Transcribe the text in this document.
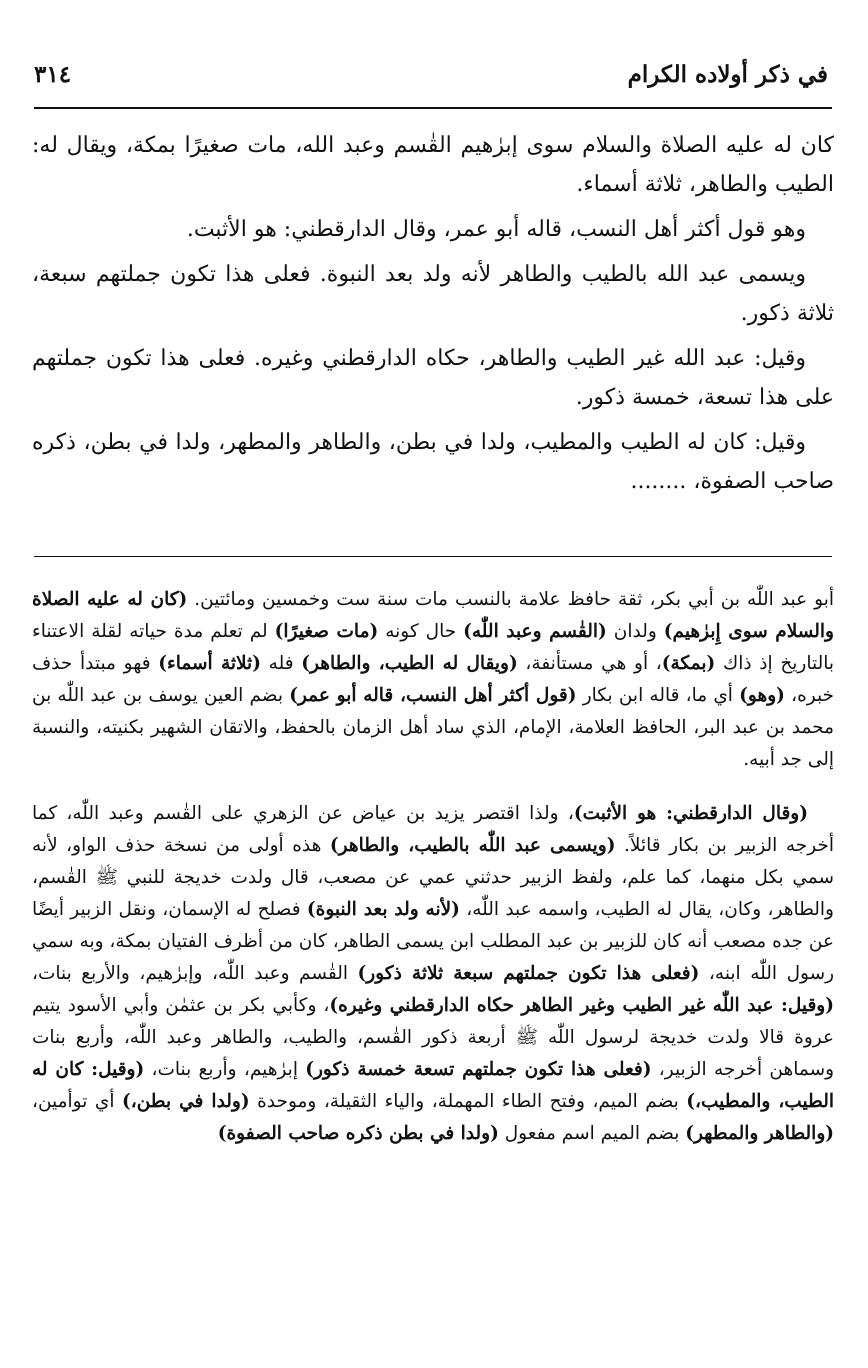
في ذكر أولاده الكرام
٣١٤

كان له عليه الصلاة والسلام سوى إبرٰهيم القٰسم وعبد الله، مات صغيرًا بمكة، ويقال له: الطيب والطاهر، ثلاثة أسماء.

وهو قول أكثر أهل النسب، قاله أبو عمر، وقال الدارقطني: هو الأثبت.

ويسمى عبد الله بالطيب والطاهر لأنه ولد بعد النبوة. فعلى هذا تكون جملتهم سبعة، ثلاثة ذكور.

وقيل: عبد الله غير الطيب والطاهر، حكاه الدارقطني وغيره. فعلى هذا تكون جملتهم على هذا تسعة، خمسة ذكور.

وقيل: كان له الطيب والمطيب، ولدا في بطن، والطاهر والمطهر، ولدا في بطن، ذكره صاحب الصفوة، ........

أبو عبد اللّٰه بن أبي بكر، ثقة حافظ علامة بالنسب مات سنة ست وخمسين ومائتين. (كان له عليه الصلاة والسلام سوى إِبرٰهيم) ولدان (القٰسم وعبد اللّٰه) حال كونه (مات صغيرًا) لم تعلم مدة حياته لقلة الاعتناء بالتاريخ إذ ذاك (بمكة)، أو هي مستأنفة، (ويقال له الطيب، والطاهر) فله (ثلاثة أسماء) فهو مبتدأ حذف خبره، (وهو) أي ما، قاله ابن بكار (قول أكثر أهل النسب، قاله أبو عمر) بضم العين يوسف بن عبد اللّٰه بن محمد بن عبد البر، الحافظ العلامة، الإمام، الذي ساد أهل الزمان بالحفظ، والاتقان الشهير بكنيته، والنسبة إلى جد أبيه.

(وقال الدارقطني: هو الأثبت)، ولذا اقتصر يزيد بن عياض عن الزهري على القٰسم وعبد اللّٰه، كما أخرجه الزبير بن بكار قائلاً. (ويسمى عبد اللّٰه بالطيب، والطاهر) هذه أولى من نسخة حذف الواو، لأنه سمي بكل منهما، كما علم، ولفظ الزبير حدثني عمي عن مصعب، قال ولدت خديجة للنبي ﷺ القٰسم، والطاهر، وكان، يقال له الطيب، واسمه عبد اللّٰه، (لأنه ولد بعد النبوة) فصلح له الإسمان، ونقل الزبير أيضًا عن جده مصعب أنه كان للزبير بن عبد المطلب ابن يسمى الطاهر، كان من أظرف الفتيان بمكة، وبه سمي رسول اللّٰه ابنه، (فعلى هذا تكون جملتهم سبعة ثلاثة ذكور) القٰسم وعبد اللّٰه، وإبرٰهيم، والأربع بنات، (وقيل: عبد اللّٰه غير الطيب وغير الطاهر حكاه الدارقطني وغيره)، وكأبي بكر بن عثمٰن وأبي الأسود يتيم عروة قالا ولدت خديجة لرسول اللّٰه ﷺ أربعة ذكور القٰسم، والطيب، والطاهر وعبد اللّٰه، وأربع بنات وسماهن أخرجه الزبير، (فعلى هذا تكون جملتهم تسعة خمسة ذكور) إبرٰهيم، وأربع بنات، (وقيل: كان له الطيب، والمطيب،) بضم الميم، وفتح الطاء المهملة، والياء الثقيلة، وموحدة (ولدا في بطن،) أي توأمين، (والطاهر والمطهر) بضم الميم اسم مفعول (ولدا في بطن ذكره صاحب الصفوة)
